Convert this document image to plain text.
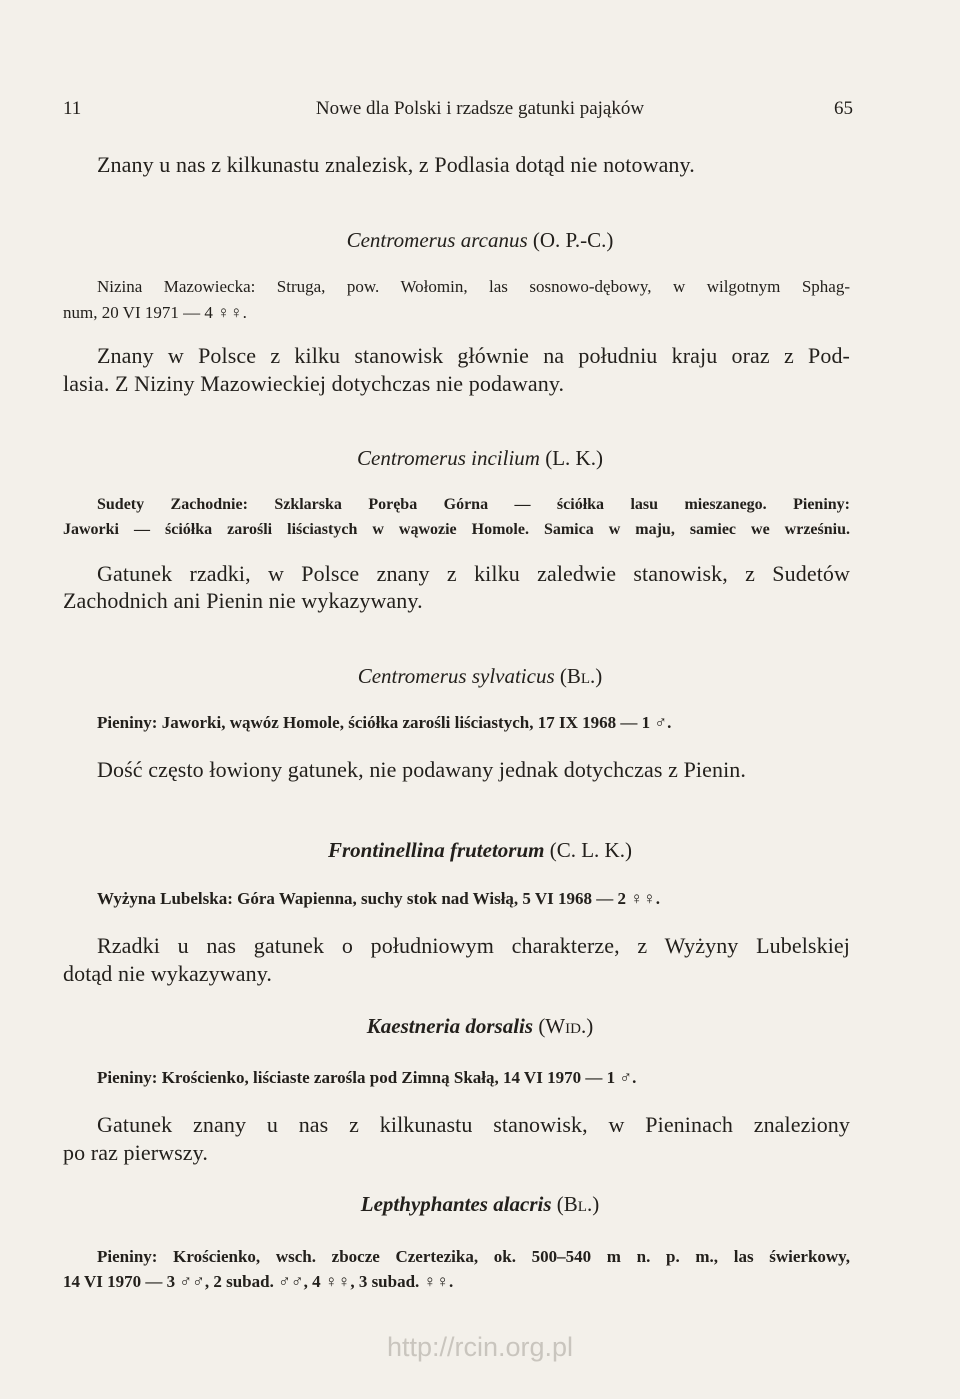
11	Nowe dla Polski i rzadsze gatunki pająków	65
Znany u nas z kilkunastu znalezisk, z Podlasia dotąd nie notowany.
Centromerus arcanus (O. P.-C.)
Nizina Mazowiecka: Struga, pow. Wołomin, las sosnowo-dębowy, w wilgotnym Sphag-
num, 20 VI 1971 — 4 ♀♀.
Znany w Polsce z kilku stanowisk głównie na południu kraju oraz z Pod-
lasia. Z Niziny Mazowieckiej dotychczas nie podawany.
Centromerus incilium (L. K.)
Sudety Zachodnie: Szklarska Poręba Górna — ściółka lasu mieszanego. Pieniny:
Jaworki — ściółka zarośli liściastych w wąwozie Homole. Samica w maju, samiec we wrześniu.
Gatunek rzadki, w Polsce znany z kilku zaledwie stanowisk, z Sudetów
Zachodnich ani Pienin nie wykazywany.
Centromerus sylvaticus (Bl.)
Pieniny: Jaworki, wąwóz Homole, ściółka zarośli liściastych, 17 IX 1968 — 1 ♂.
Dość często łowiony gatunek, nie podawany jednak dotychczas z Pienin.
Frontinellina frutetorum (C. L. K.)
Wyżyna Lubelska: Góra Wapienna, suchy stok nad Wisłą, 5 VI 1968 — 2 ♀♀.
Rzadki u nas gatunek o południowym charakterze, z Wyżyny Lubelskiej
dotąd nie wykazywany.
Kaestneria dorsalis (Wid.)
Pieniny: Krościenko, liściaste zarośla pod Zimną Skałą, 14 VI 1970 — 1 ♂.
Gatunek znany u nas z kilkunastu stanowisk, w Pieninach znaleziony
po raz pierwszy.
Lepthyphantes alacris (Bl.)
Pieniny: Krościenko, wsch. zbocze Czertezika, ok. 500–540 m n. p. m., las świerkowy,
14 VI 1970 — 3 ♂♂, 2 subad. ♂♂, 4 ♀♀, 3 subad. ♀♀.
http://rcin.org.pl
